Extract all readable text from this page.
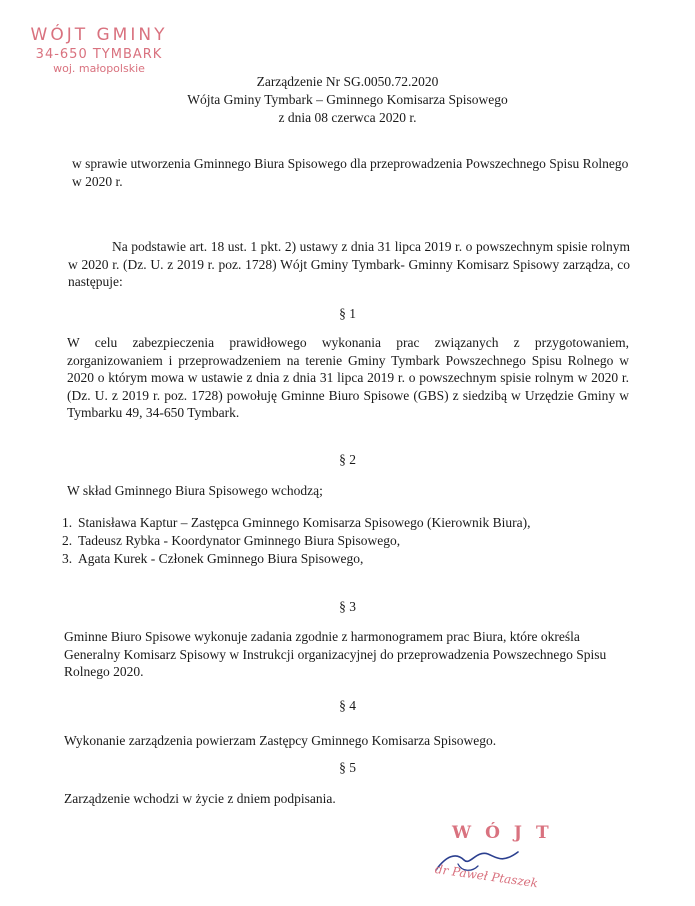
WÓJT GMINY
34-650 TYMBARK
woj. małopolskie
Zarządzenie Nr SG.0050.72.2020
Wójta Gminy Tymbark – Gminnego Komisarza Spisowego
z dnia 08 czerwca 2020 r.
w sprawie utworzenia Gminnego Biura Spisowego dla przeprowadzenia Powszechnego Spisu Rolnego w 2020 r.
Na podstawie art. 18 ust. 1 pkt. 2) ustawy z dnia 31 lipca 2019 r. o powszechnym spisie rolnym w 2020 r. (Dz. U. z 2019 r. poz. 1728) Wójt Gminy Tymbark- Gminny Komisarz Spisowy zarządza, co następuje:
§ 1
W celu zabezpieczenia prawidłowego wykonania prac związanych z przygotowaniem, zorganizowaniem i przeprowadzeniem na terenie Gminy Tymbark Powszechnego Spisu Rolnego w 2020 o którym mowa w ustawie z dnia z dnia 31 lipca 2019 r. o powszechnym spisie rolnym w 2020 r. (Dz. U. z 2019 r. poz. 1728) powołuję Gminne Biuro Spisowe (GBS) z siedzibą w Urzędzie Gminy w Tymbarku 49, 34-650 Tymbark.
§ 2
W skład Gminnego Biura Spisowego wchodzą;
1. Stanisława Kaptur – Zastępca Gminnego Komisarza Spisowego (Kierownik Biura),
2. Tadeusz Rybka - Koordynator Gminnego Biura Spisowego,
3. Agata Kurek - Członek Gminnego Biura Spisowego,
§ 3
Gminne Biuro Spisowe wykonuje zadania zgodnie z harmonogramem prac Biura, które określa Generalny Komisarz Spisowy w Instrukcji organizacyjnej do przeprowadzenia Powszechnego Spisu Rolnego 2020.
§ 4
Wykonanie zarządzenia powierzam Zastępcy Gminnego Komisarza Spisowego.
§ 5
Zarządzenie wchodzi w życie z dniem podpisania.
WÓJT
dr Paweł Ptaszek
